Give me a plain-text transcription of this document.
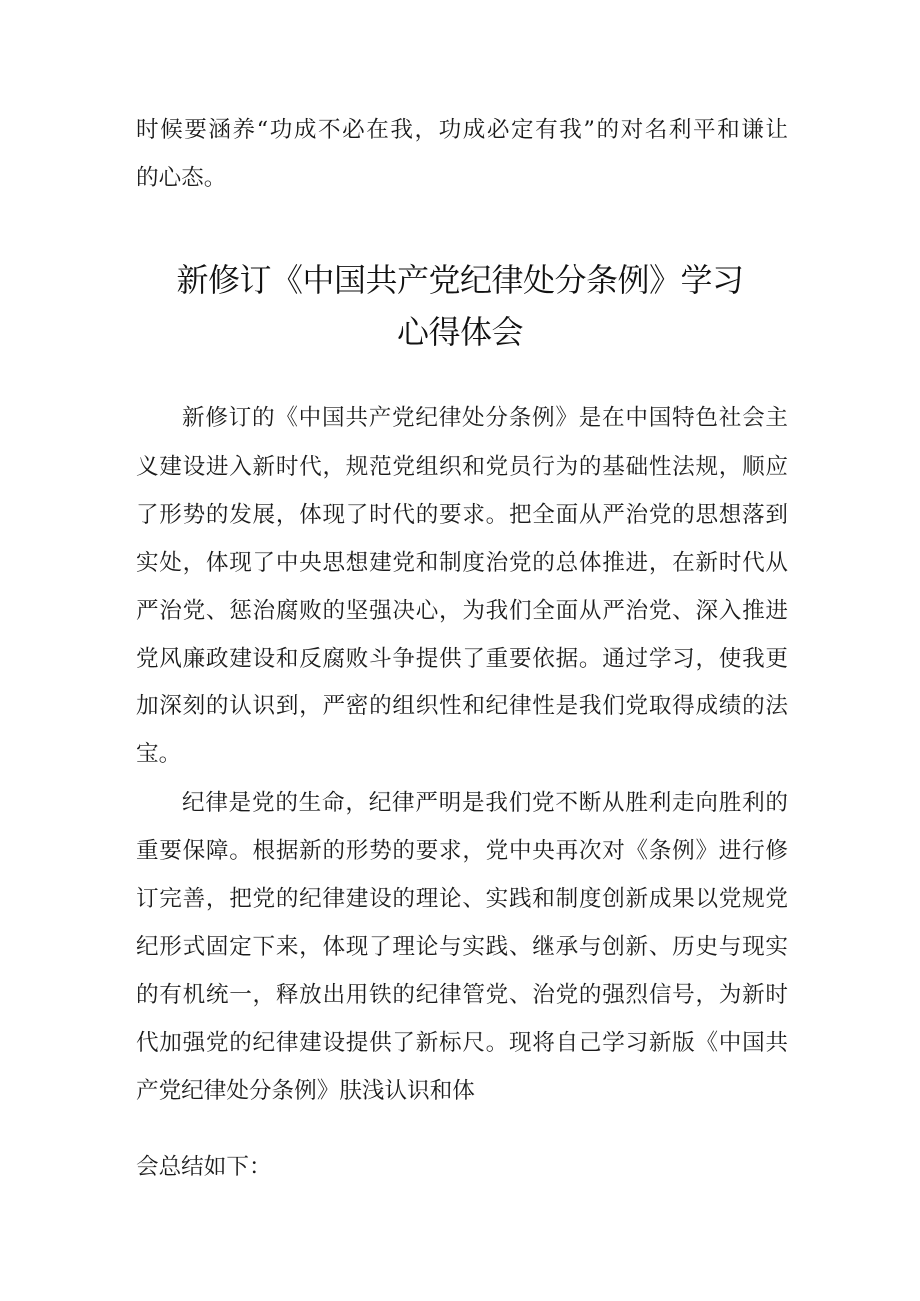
时候要涵养“功成不必在我，功成必定有我”的对名利平和谦让
的心态。
新修订《中国共产党纪律处分条例》学习
心得体会
新修订的《中国共产党纪律处分条例》是在中国特色社会主
义建设进入新时代，规范党组织和党员行为的基础性法规，顺应
了形势的发展，体现了时代的要求。把全面从严治党的思想落到
实处，体现了中央思想建党和制度治党的总体推进，在新时代从
严治党、惩治腐败的坚强决心，为我们全面从严治党、深入推进
党风廉政建设和反腐败斗争提供了重要依据。通过学习，使我更
加深刻的认识到，严密的组织性和纪律性是我们党取得成绩的法
宝。
纪律是党的生命，纪律严明是我们党不断从胜利走向胜利的
重要保障。根据新的形势的要求，党中央再次对《条例》进行修
订完善，把党的纪律建设的理论、实践和制度创新成果以党规党
纪形式固定下来，体现了理论与实践、继承与创新、历史与现实
的有机统一，释放出用铁的纪律管党、治党的强烈信号，为新时
代加强党的纪律建设提供了新标尺。现将自己学习新版《中国共
产党纪律处分条例》肤浅认识和体
会总结如下：
